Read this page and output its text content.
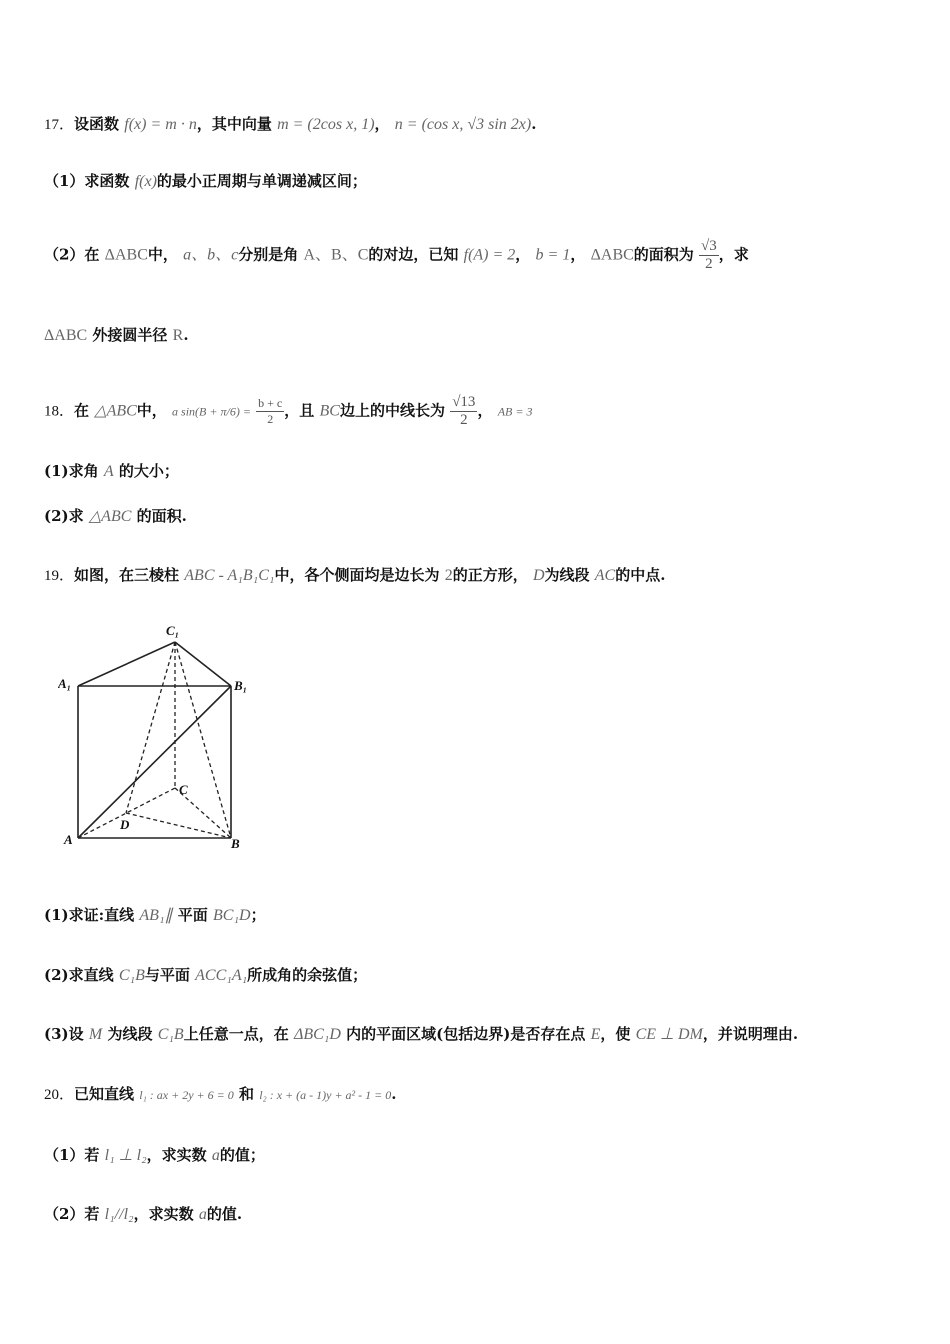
17．设函数 f(x) = m · n，其中向量 m = (2cos x, 1)， n = (cos x, √3 sin 2x).
（1）求函数 f(x)的最小正周期与单调递减区间；
（2）在 ΔABC中， a、b、c分别是角 A、B、C的对边，已知 f(A) = 2， b = 1， ΔABC的面积为 $\frac{√3}{2}$ ，求
ΔABC 外接圆半径 R.
18．在 △ABC中， a $\sin(B + \pi/6) = \frac{b + c}{2}$ ，且 BC边上的中线长为 $\frac{√13}{2}$ ， AB = 3
(1)求角 A 的大小；
(2)求 △ABC 的面积.
19．如图，在三棱柱 ABC - A₁B₁C₁中，各个侧面均是边长为 2的正方形， D为线段 AC的中点.
C₁
A₁	B₁
C
D
A	B
(1)求证:直线 AB₁∥ 平面 BC₁D；
(2)求直线 C₁B与平面 ACC₁A₁所成角的余弦值；
(3)设 M 为线段 C₁B上任意一点，在 ΔBC₁D 内的平面区域(包括边界)是否存在点 E，使 CE ⊥ DM，并说明理由.
20．已知直线 l₁ : ax + 2y + 6 = 0 和 l₂ : x + (a - 1)y + a² - 1 = 0.
（1）若 l₁ ⊥ l₂，求实数 a的值；
（2）若 l₁//l₂，求实数 a的值.
